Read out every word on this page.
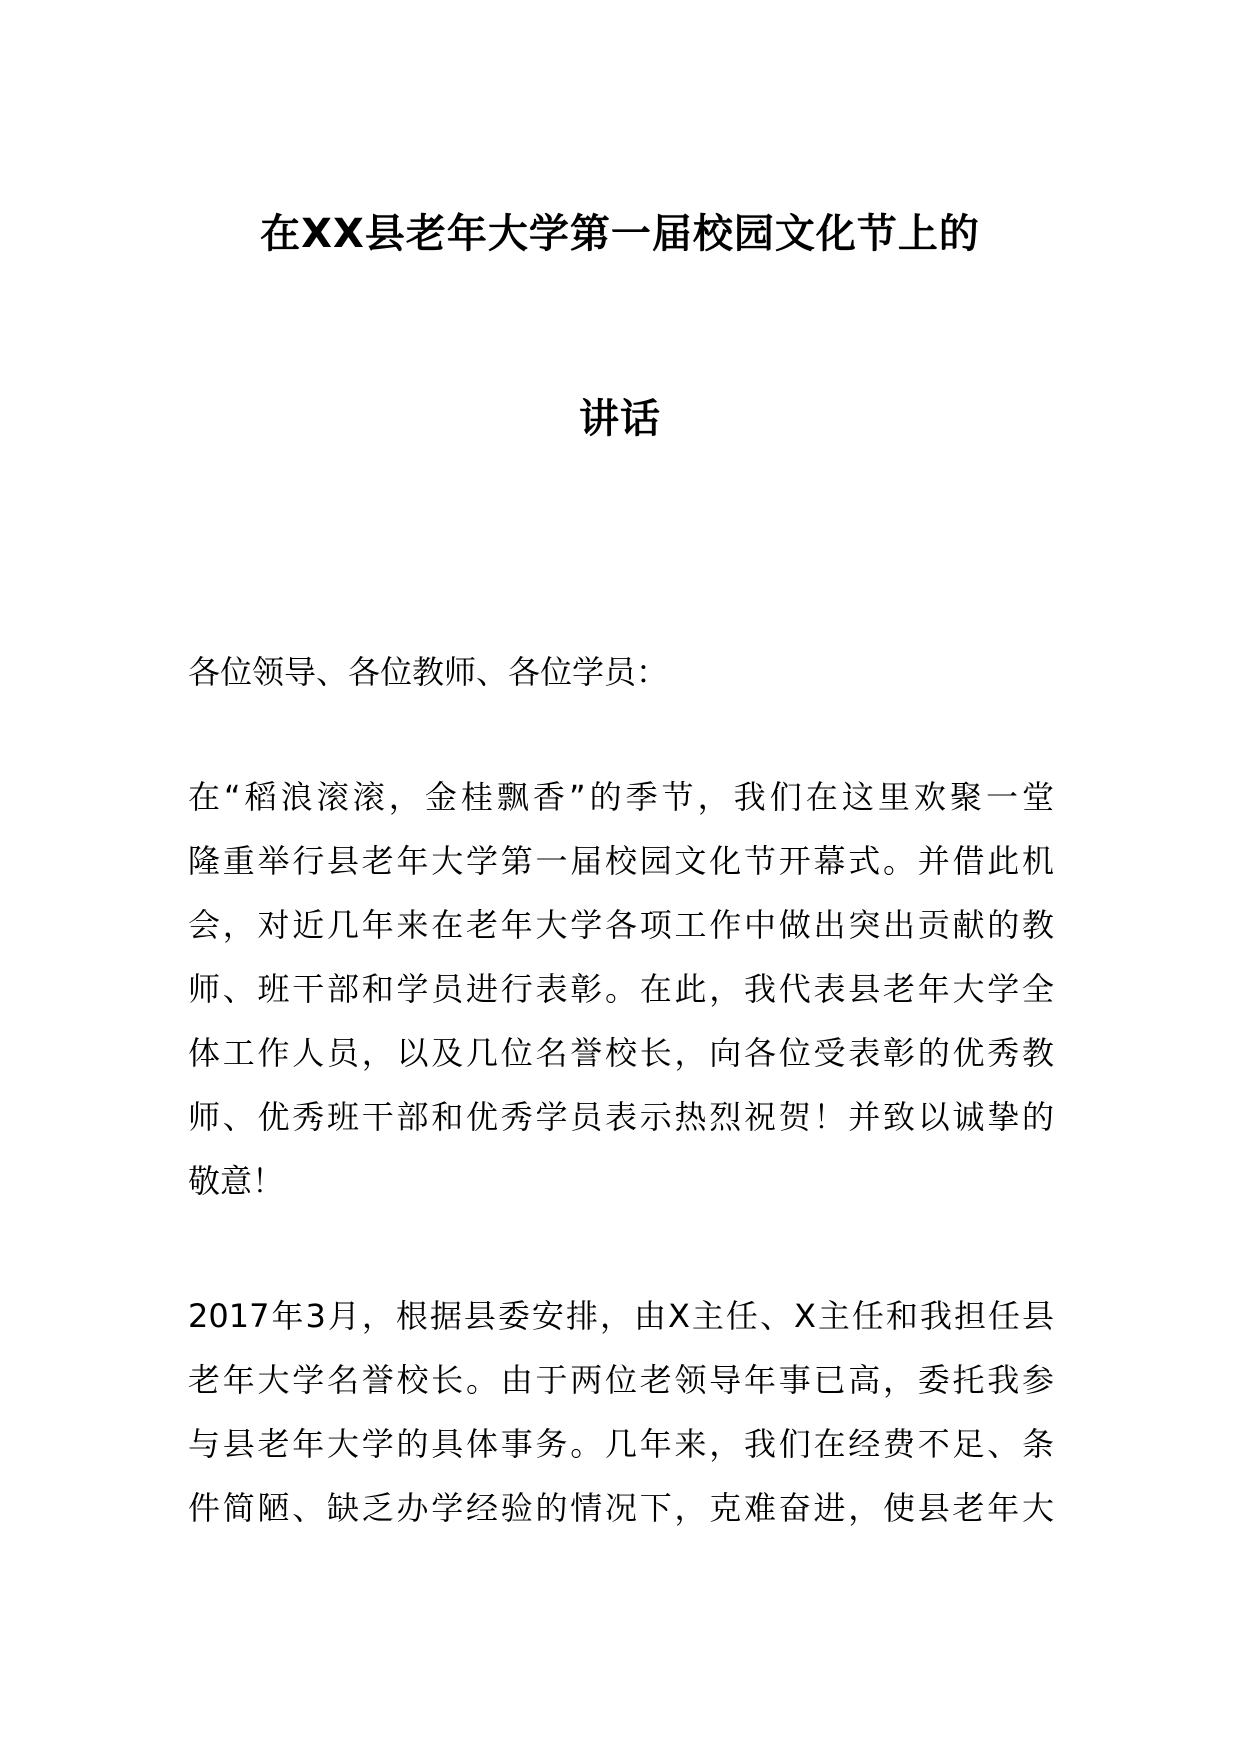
在XX县老年大学第一届校园文化节上的
讲话
各位领导、各位教师、各位学员：
在“稻浪滚滚，金桂飘香”的季节，我们在这里欢聚一堂
隆重举行县老年大学第一届校园文化节开幕式。并借此机
会，对近几年来在老年大学各项工作中做出突出贡献的教
师、班干部和学员进行表彰。在此，我代表县老年大学全
体工作人员，以及几位名誉校长，向各位受表彰的优秀教
师、优秀班干部和优秀学员表示热烈祝贺！并致以诚挚的
敬意！
2017年3月，根据县委安排，由X主任、X主任和我担任县
老年大学名誉校长。由于两位老领导年事已高，委托我参
与县老年大学的具体事务。几年来，我们在经费不足、条
件简陋、缺乏办学经验的情况下，克难奋进，使县老年大
